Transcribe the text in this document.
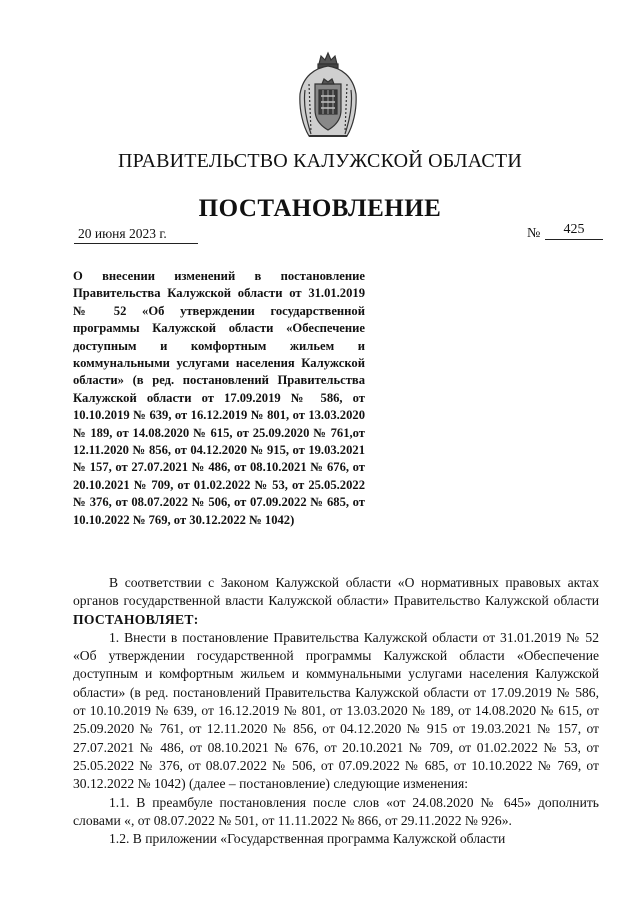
ПРАВИТЕЛЬСТВО КАЛУЖСКОЙ ОБЛАСТИ
ПОСТАНОВЛЕНИЕ
20 июня 2023 г.	№	425
О внесении изменений в постановление Правительства Калужской области от 31.01.2019 № 52 «Об утверждении государственной программы Калужской области «Обеспечение доступным и комфортным жильем и коммунальными услугами населения Калужской области» (в ред. постановлений Правительства Калужской области от 17.09.2019 № 586, от 10.10.2019 № 639, от 16.12.2019 № 801, от 13.03.2020 № 189, от 14.08.2020 № 615, от 25.09.2020 № 761,от 12.11.2020 № 856, от 04.12.2020 № 915, от 19.03.2021 № 157, от 27.07.2021 № 486, от 08.10.2021 № 676, от 20.10.2021 № 709, от 01.02.2022 № 53, от 25.05.2022 № 376, от 08.07.2022 № 506, от 07.09.2022 № 685, от 10.10.2022 № 769, от 30.12.2022 № 1042)

В соответствии с Законом Калужской области «О нормативных правовых актах органов государственной власти Калужской области» Правительство Калужской области ПОСТАНОВЛЯЕТ:

1. Внести в постановление Правительства Калужской области от 31.01.2019 № 52 «Об утверждении государственной программы Калужской области «Обеспечение доступным и комфортным жильем и коммунальными услугами населения Калужской области» (в ред. постановлений Правительства Калужской области от 17.09.2019 № 586, от 10.10.2019 № 639, от 16.12.2019 № 801, от 13.03.2020 № 189, от 14.08.2020 № 615, от 25.09.2020 № 761, от 12.11.2020 № 856, от 04.12.2020 № 915 от 19.03.2021 № 157, от 27.07.2021 № 486, от 08.10.2021 № 676, от 20.10.2021 № 709, от 01.02.2022 № 53, от 25.05.2022 № 376, от 08.07.2022 № 506, от 07.09.2022 № 685, от 10.10.2022 № 769, от 30.12.2022 № 1042) (далее – постановление) следующие изменения:

1.1. В преамбуле постановления после слов «от 24.08.2020 № 645» дополнить словами «, от 08.07.2022 № 501, от 11.11.2022 № 866, от 29.11.2022 № 926».

1.2. В приложении «Государственная программа Калужской области
